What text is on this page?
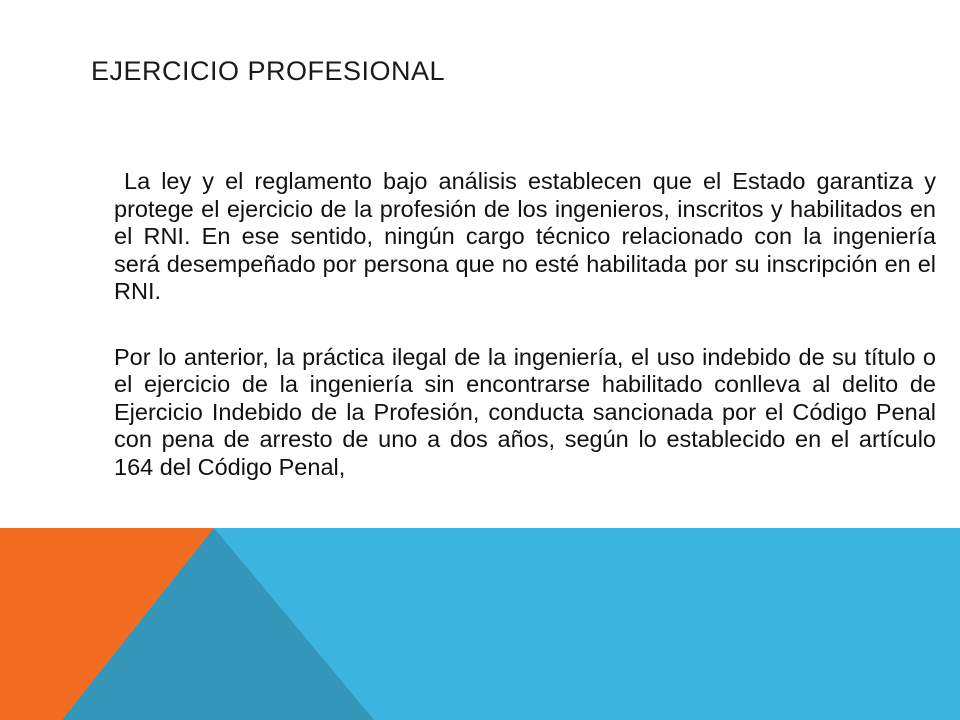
EJERCICIO PROFESIONAL

La ley y el reglamento bajo análisis establecen que el Estado garantiza y protege el ejercicio de la profesión de los ingenieros, inscritos y habilitados en el RNI. En ese sentido, ningún cargo técnico relacionado con la ingeniería será desempeñado por persona que no esté habilitada por su inscripción en el RNI.

Por lo anterior, la práctica ilegal de la ingeniería, el uso indebido de su título o el ejercicio de la ingeniería sin encontrarse habilitado conlleva al delito de Ejercicio Indebido de la Profesión, conducta sancionada por el Código Penal con pena de arresto de uno a dos años, según lo establecido en el artículo 164 del Código Penal,
